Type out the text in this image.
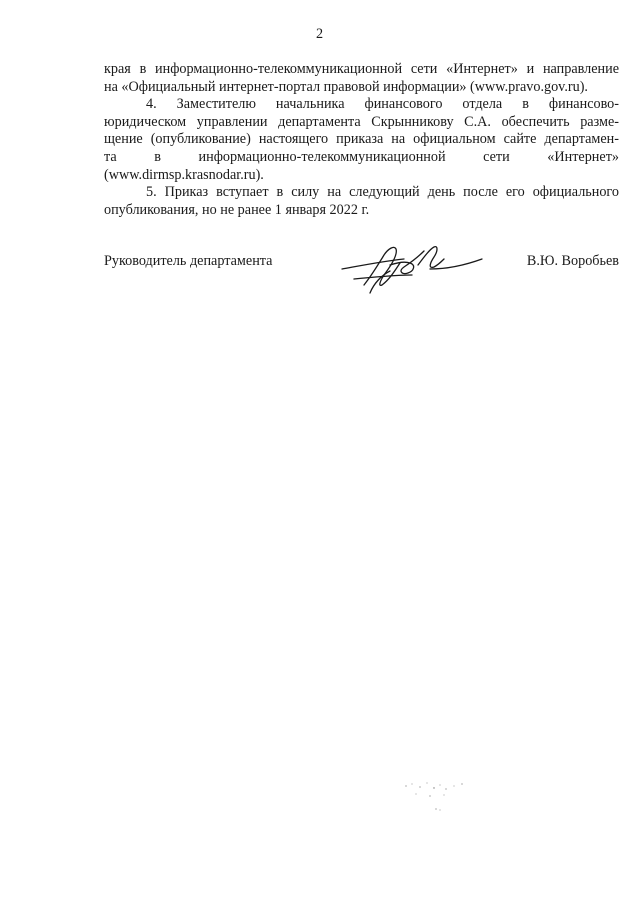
2
края в информационно-телекоммуникационной сети «Интернет» и направление
на «Официальный интернет-портал правовой информации» (www.pravo.gov.ru).
4. Заместителю начальника финансового отдела в финансово-
юридическом управлении департамента Скрынникову С.А. обеспечить разме-
щение (опубликование) настоящего приказа на официальном сайте департамен-
та в информационно-телекоммуникационной сети «Интернет»
(www.dirmsp.krasnodar.ru).
5. Приказ вступает в силу на следующий день после его официального
опубликования, но не ранее 1 января 2022 г.
Руководитель департамента	В.Ю. Воробьев
